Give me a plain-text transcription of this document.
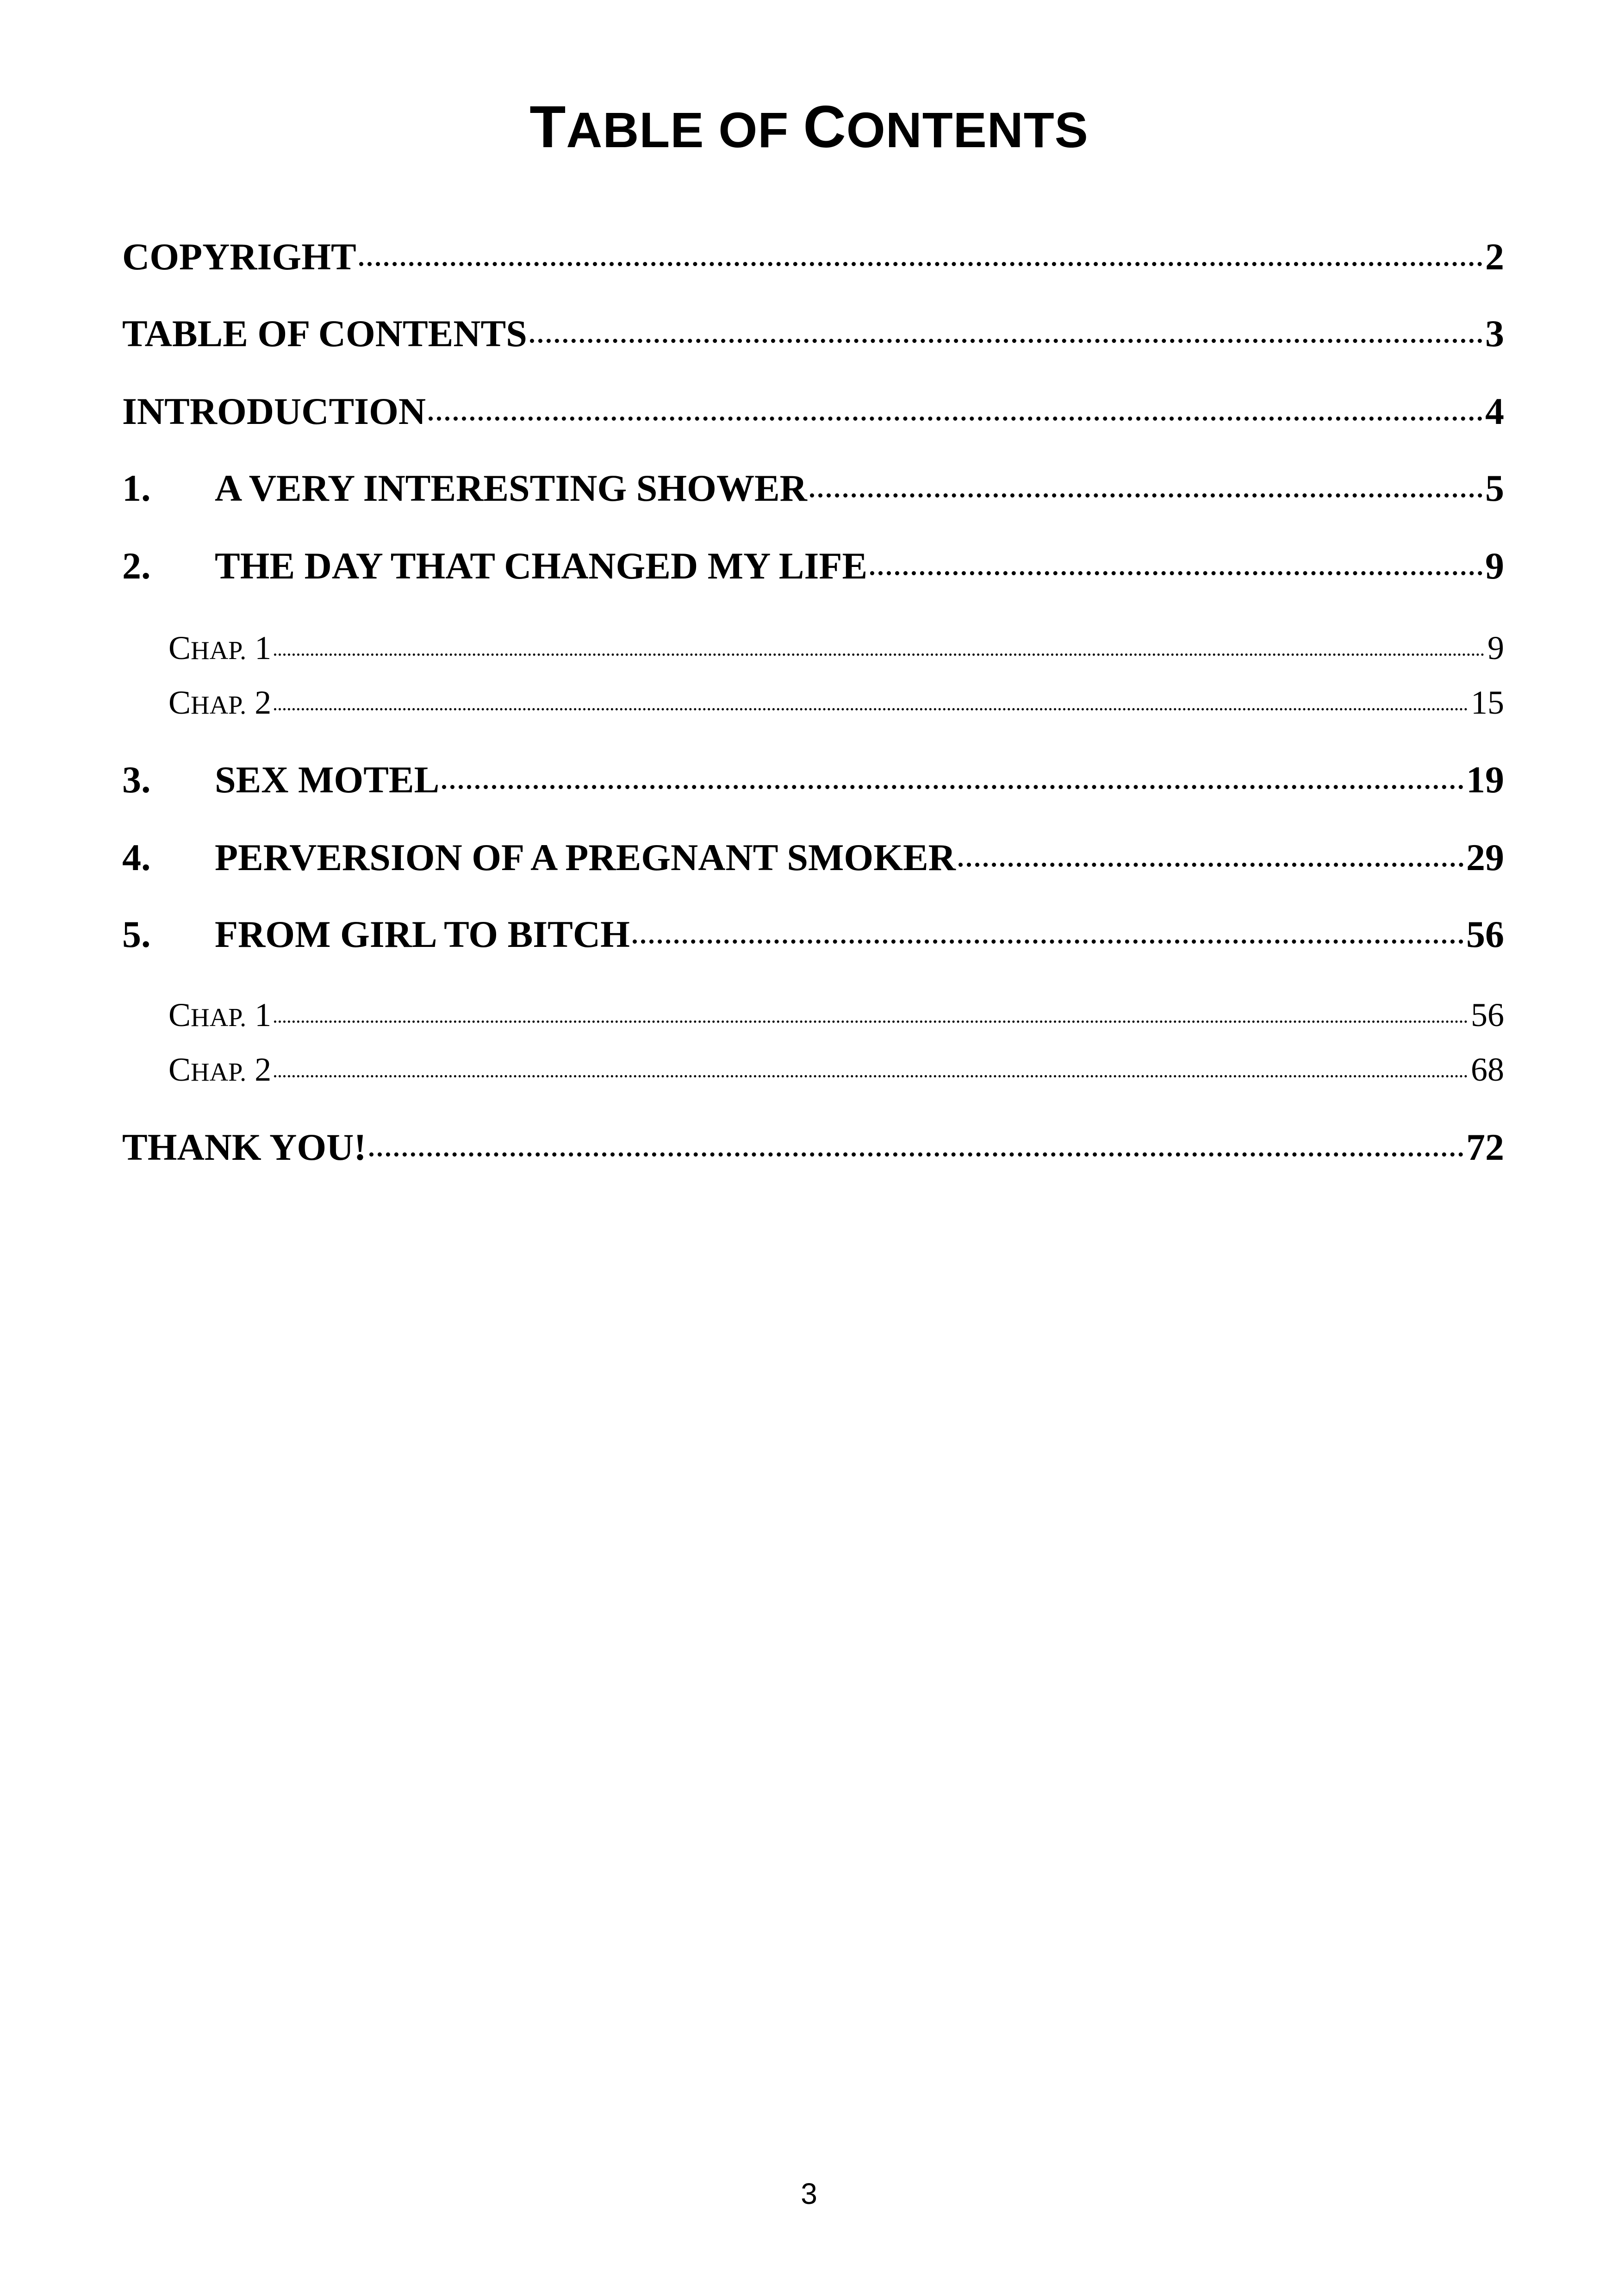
TABLE OF CONTENTS
COPYRIGHT	2
TABLE OF CONTENTS	3
INTRODUCTION	4
1.	A VERY INTERESTING SHOWER	5
2.	THE DAY THAT CHANGED MY LIFE	9
CHAP. 1	9
CHAP. 2	15
3.	SEX MOTEL	19
4.	PERVERSION OF A PREGNANT SMOKER	29
5.	FROM GIRL TO BITCH	56
CHAP. 1	56
CHAP. 2	68
THANK YOU!	72
3
